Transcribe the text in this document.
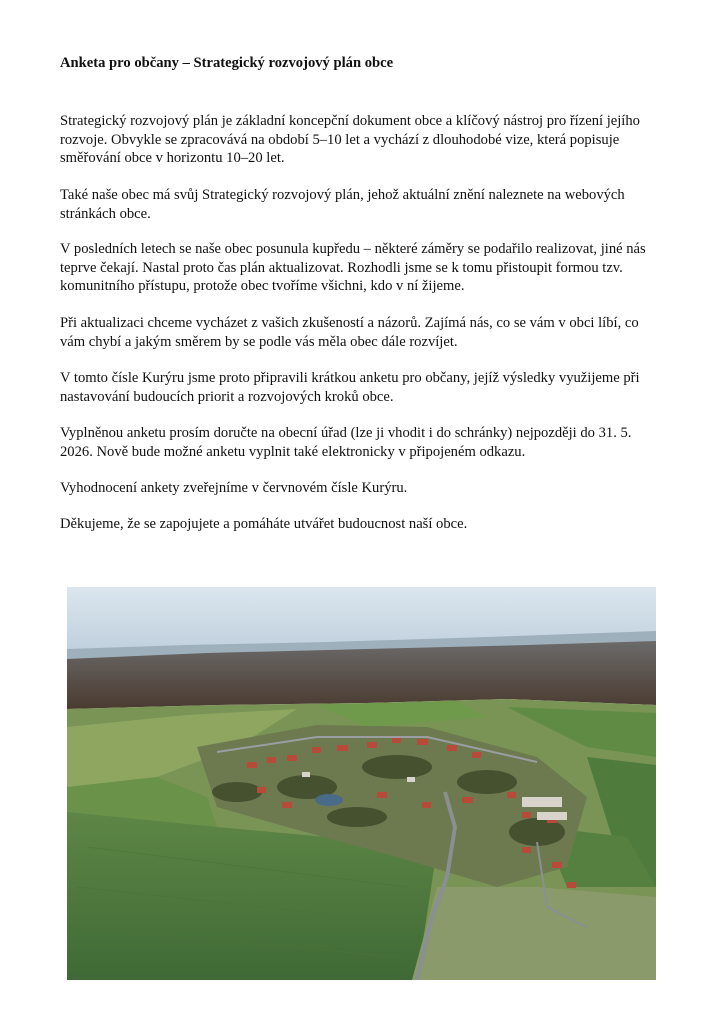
Anketa pro občany – Strategický rozvojový plán obce

Strategický rozvojový plán je základní koncepční dokument obce a klíčový nástroj pro řízení jejího rozvoje. Obvykle se zpracovává na období 5–10 let a vychází z dlouhodobé vize, která popisuje směřování obce v horizontu 10–20 let.

Také naše obec má svůj Strategický rozvojový plán, jehož aktuální znění naleznete na webových stránkách obce.

V posledních letech se naše obec posunula kupředu – některé záměry se podařilo realizovat, jiné nás teprve čekají. Nastal proto čas plán aktualizovat. Rozhodli jsme se k tomu přistoupit formou tzv. komunitního přístupu, protože obec tvoříme všichni, kdo v ní žijeme.

Při aktualizaci chceme vycházet z vašich zkušeností a názorů. Zajímá nás, co se vám v obci líbí, co vám chybí a jakým směrem by se podle vás měla obec dále rozvíjet.

V tomto čísle Kurýru jsme proto připravili krátkou anketu pro občany, jejíž výsledky využijeme při nastavování budoucích priorit a rozvojových kroků obce.

Vyplněnou anketu prosím doručte na obecní úřad (lze ji vhodit i do schránky) nejpozději do 31. 5. 2026. Nově bude možné anketu vyplnit také elektronicky v připojeném odkazu.

Vyhodnocení ankety zveřejníme v červnovém čísle Kurýru.

Děkujeme, že se zapojujete a pomáháte utvářet budoucnost naší obce.
